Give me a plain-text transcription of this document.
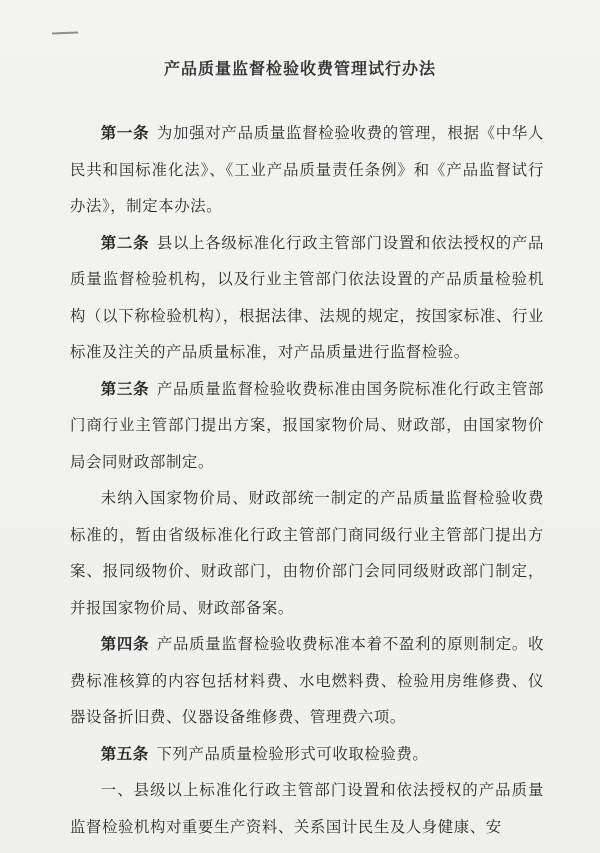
产品质量监督检验收费管理试行办法

第一条 为加强对产品质量监督检验收费的管理，根据《中华人民共和国标准化法》、《工业产品质量责任条例》和《产品监督试行办法》，制定本办法。

第二条 县以上各级标准化行政主管部门设置和依法授权的产品质量监督检验机构，以及行业主管部门依法设置的产品质量检验机构（以下称检验机构），根据法律、法规的规定，按国家标准、行业标准及注关的产品质量标准，对产品质量进行监督检验。

第三条 产品质量监督检验收费标准由国务院标准化行政主管部门商行业主管部门提出方案，报国家物价局、财政部，由国家物价局会同财政部制定。

未纳入国家物价局、财政部统一制定的产品质量监督检验收费标准的，暂由省级标准化行政主管部门商同级行业主管部门提出方案、报同级物价、财政部门，由物价部门会同同级财政部门制定，并报国家物价局、财政部备案。

第四条 产品质量监督检验收费标准本着不盈利的原则制定。收费标准核算的内容包括材料费、水电燃料费、检验用房维修费、仪器设备折旧费、仪器设备维修费、管理费六项。

第五条 下列产品质量检验形式可收取检验费。

一、县级以上标准化行政主管部门设置和依法授权的产品质量监督检验机构对重要生产资料、关系国计民生及人身健康、安
